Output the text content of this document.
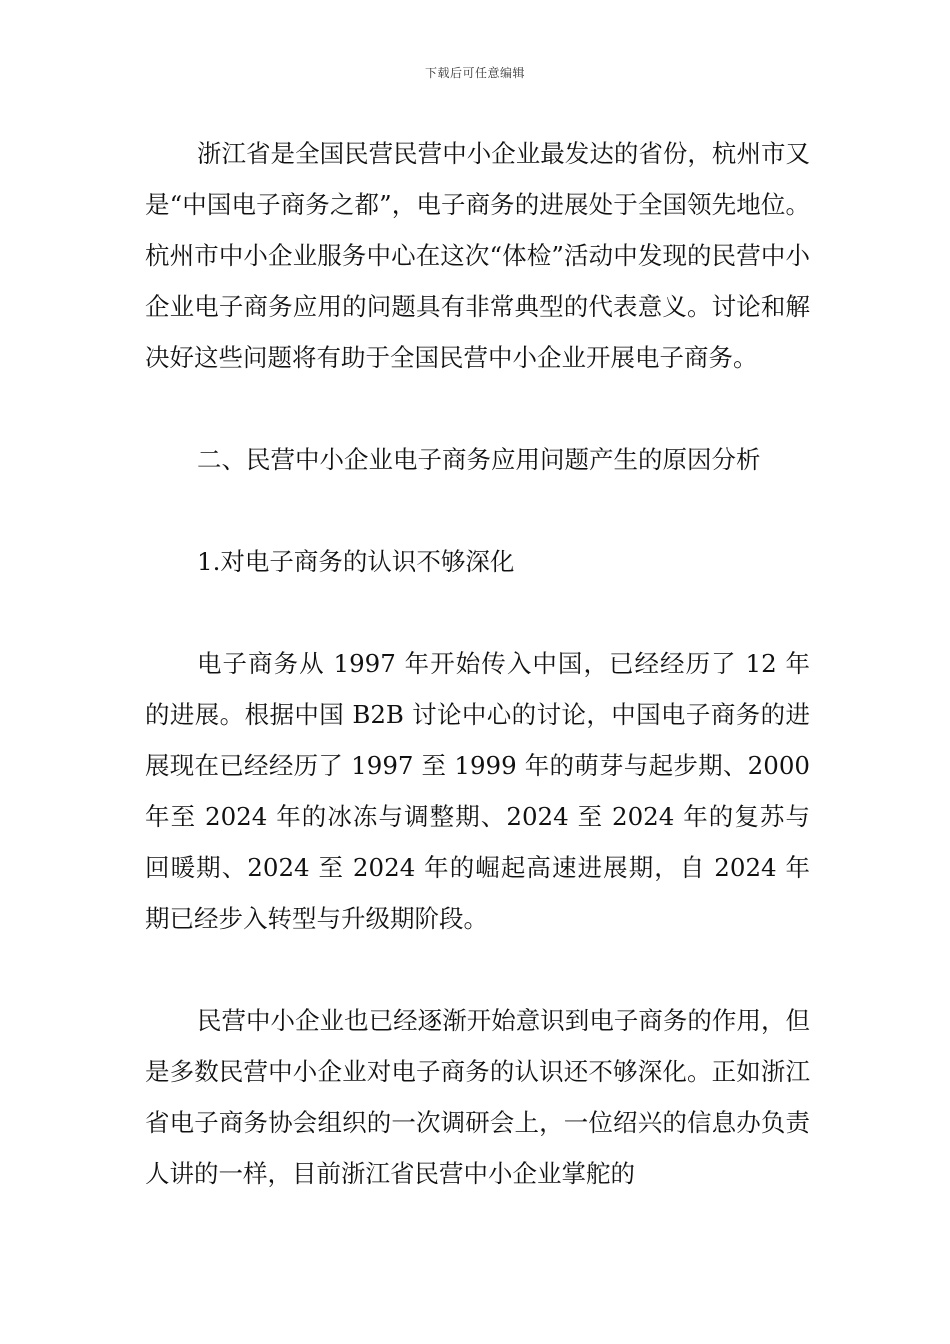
下载后可任意编辑

浙江省是全国民营民营中小企业最发达的省份，杭州市又是“中国电子商务之都”，电子商务的进展处于全国领先地位。杭州市中小企业服务中心在这次“体检”活动中发现的民营中小企业电子商务应用的问题具有非常典型的代表意义。讨论和解决好这些问题将有助于全国民营中小企业开展电子商务。

二、民营中小企业电子商务应用问题产生的原因分析

1.对电子商务的认识不够深化

电子商务从 1997 年开始传入中国，已经经历了 12 年的进展。根据中国 B2B 讨论中心的讨论，中国电子商务的进展现在已经经历了 1997 至 1999 年的萌芽与起步期、2000 年至 2024 年的冰冻与调整期、2024 至 2024 年的复苏与回暖期、2024 至 2024 年的崛起高速进展期，自 2024 年期已经步入转型与升级期阶段。

民营中小企业也已经逐渐开始意识到电子商务的作用，但是多数民营中小企业对电子商务的认识还不够深化。正如浙江省电子商务协会组织的一次调研会上，一位绍兴的信息办负责人讲的一样，目前浙江省民营中小企业掌舵的
